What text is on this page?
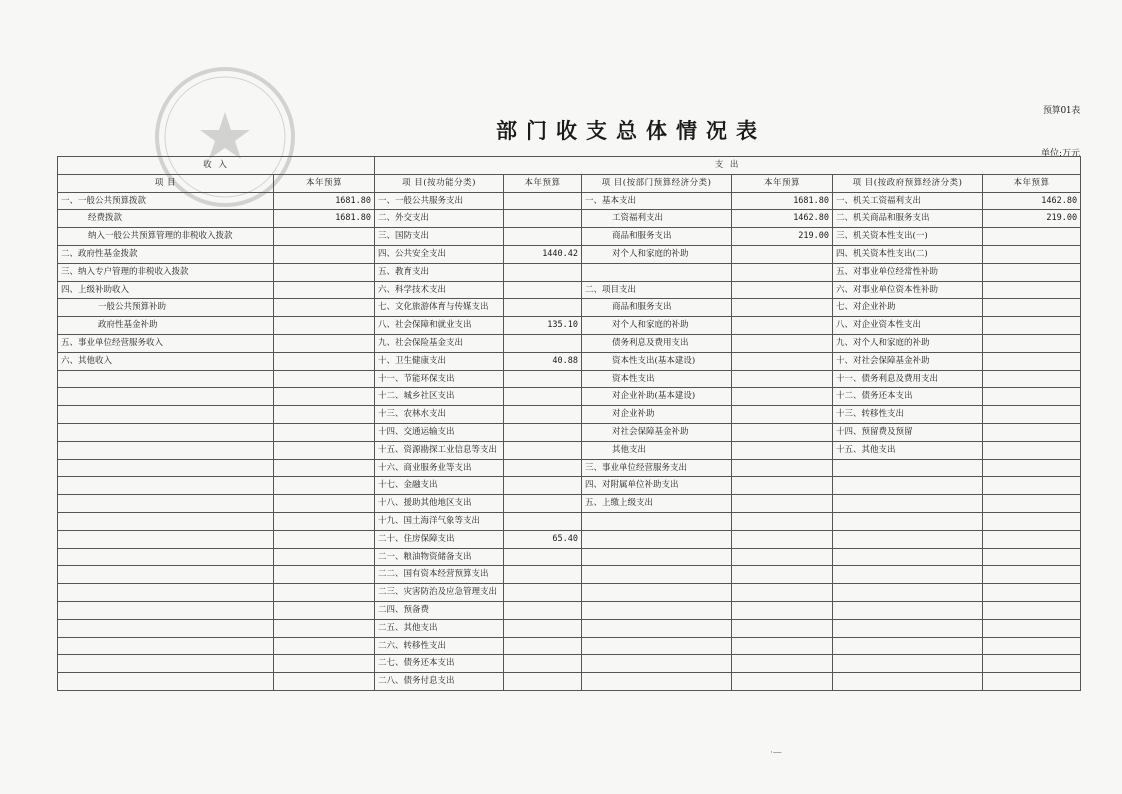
预算01表
部门收支总体情况表
单位:万元
收 入		支 出					
项 目	本年预算	项 目(按功能分类)	本年预算	项 目(按部门预算经济分类)	本年预算	项 目(按政府预算经济分类)	本年预算
一、一般公共预算拨款	1681.80	一、一般公共服务支出		一、基本支出	1681.80	一、机关工资福利支出	1462.80
经费拨款	1681.80	二、外交支出		工资福利支出	1462.80	二、机关商品和服务支出	219.00
纳入一般公共预算管理的非税收入拨款		三、国防支出		商品和服务支出	219.00	三、机关资本性支出(一)	
二、政府性基金拨款		四、公共安全支出	1440.42	对个人和家庭的补助		四、机关资本性支出(二)	
三、纳入专户管理的非税收入拨款		五、教育支出				五、对事业单位经常性补助	
四、上级补助收入		六、科学技术支出		二、项目支出		六、对事业单位资本性补助	
一般公共预算补助		七、文化旅游体育与传媒支出		商品和服务支出		七、对企业补助	
政府性基金补助		八、社会保障和就业支出	135.10	对个人和家庭的补助		八、对企业资本性支出	
五、事业单位经营服务收入		九、社会保险基金支出		债务利息及费用支出		九、对个人和家庭的补助	
六、其他收入		十、卫生健康支出	40.88	资本性支出(基本建设)		十、对社会保障基金补助	
		十一、节能环保支出		资本性支出		十一、债务利息及费用支出	
		十二、城乡社区支出		对企业补助(基本建设)		十二、债务还本支出	
		十三、农林水支出		对企业补助		十三、转移性支出	
		十四、交通运输支出		对社会保障基金补助		十四、预留费及预留	
		十五、资源勘探工业信息等支出		其他支出		十五、其他支出	
		十六、商业服务业等支出		三、事业单位经营服务支出			
		十七、金融支出		四、对附属单位补助支出			
		十八、援助其他地区支出		五、上缴上级支出			
		十九、国土海洋气象等支出					
		二十、住房保障支出	65.40				
		二一、粮油物资储备支出					
		二二、国有资本经营预算支出					
		二三、灾害防治及应急管理支出					
		二四、预备费					
		二五、其他支出					
		二六、转移性支出					
		二七、债务还本支出					
		二八、债务付息支出					
·—
